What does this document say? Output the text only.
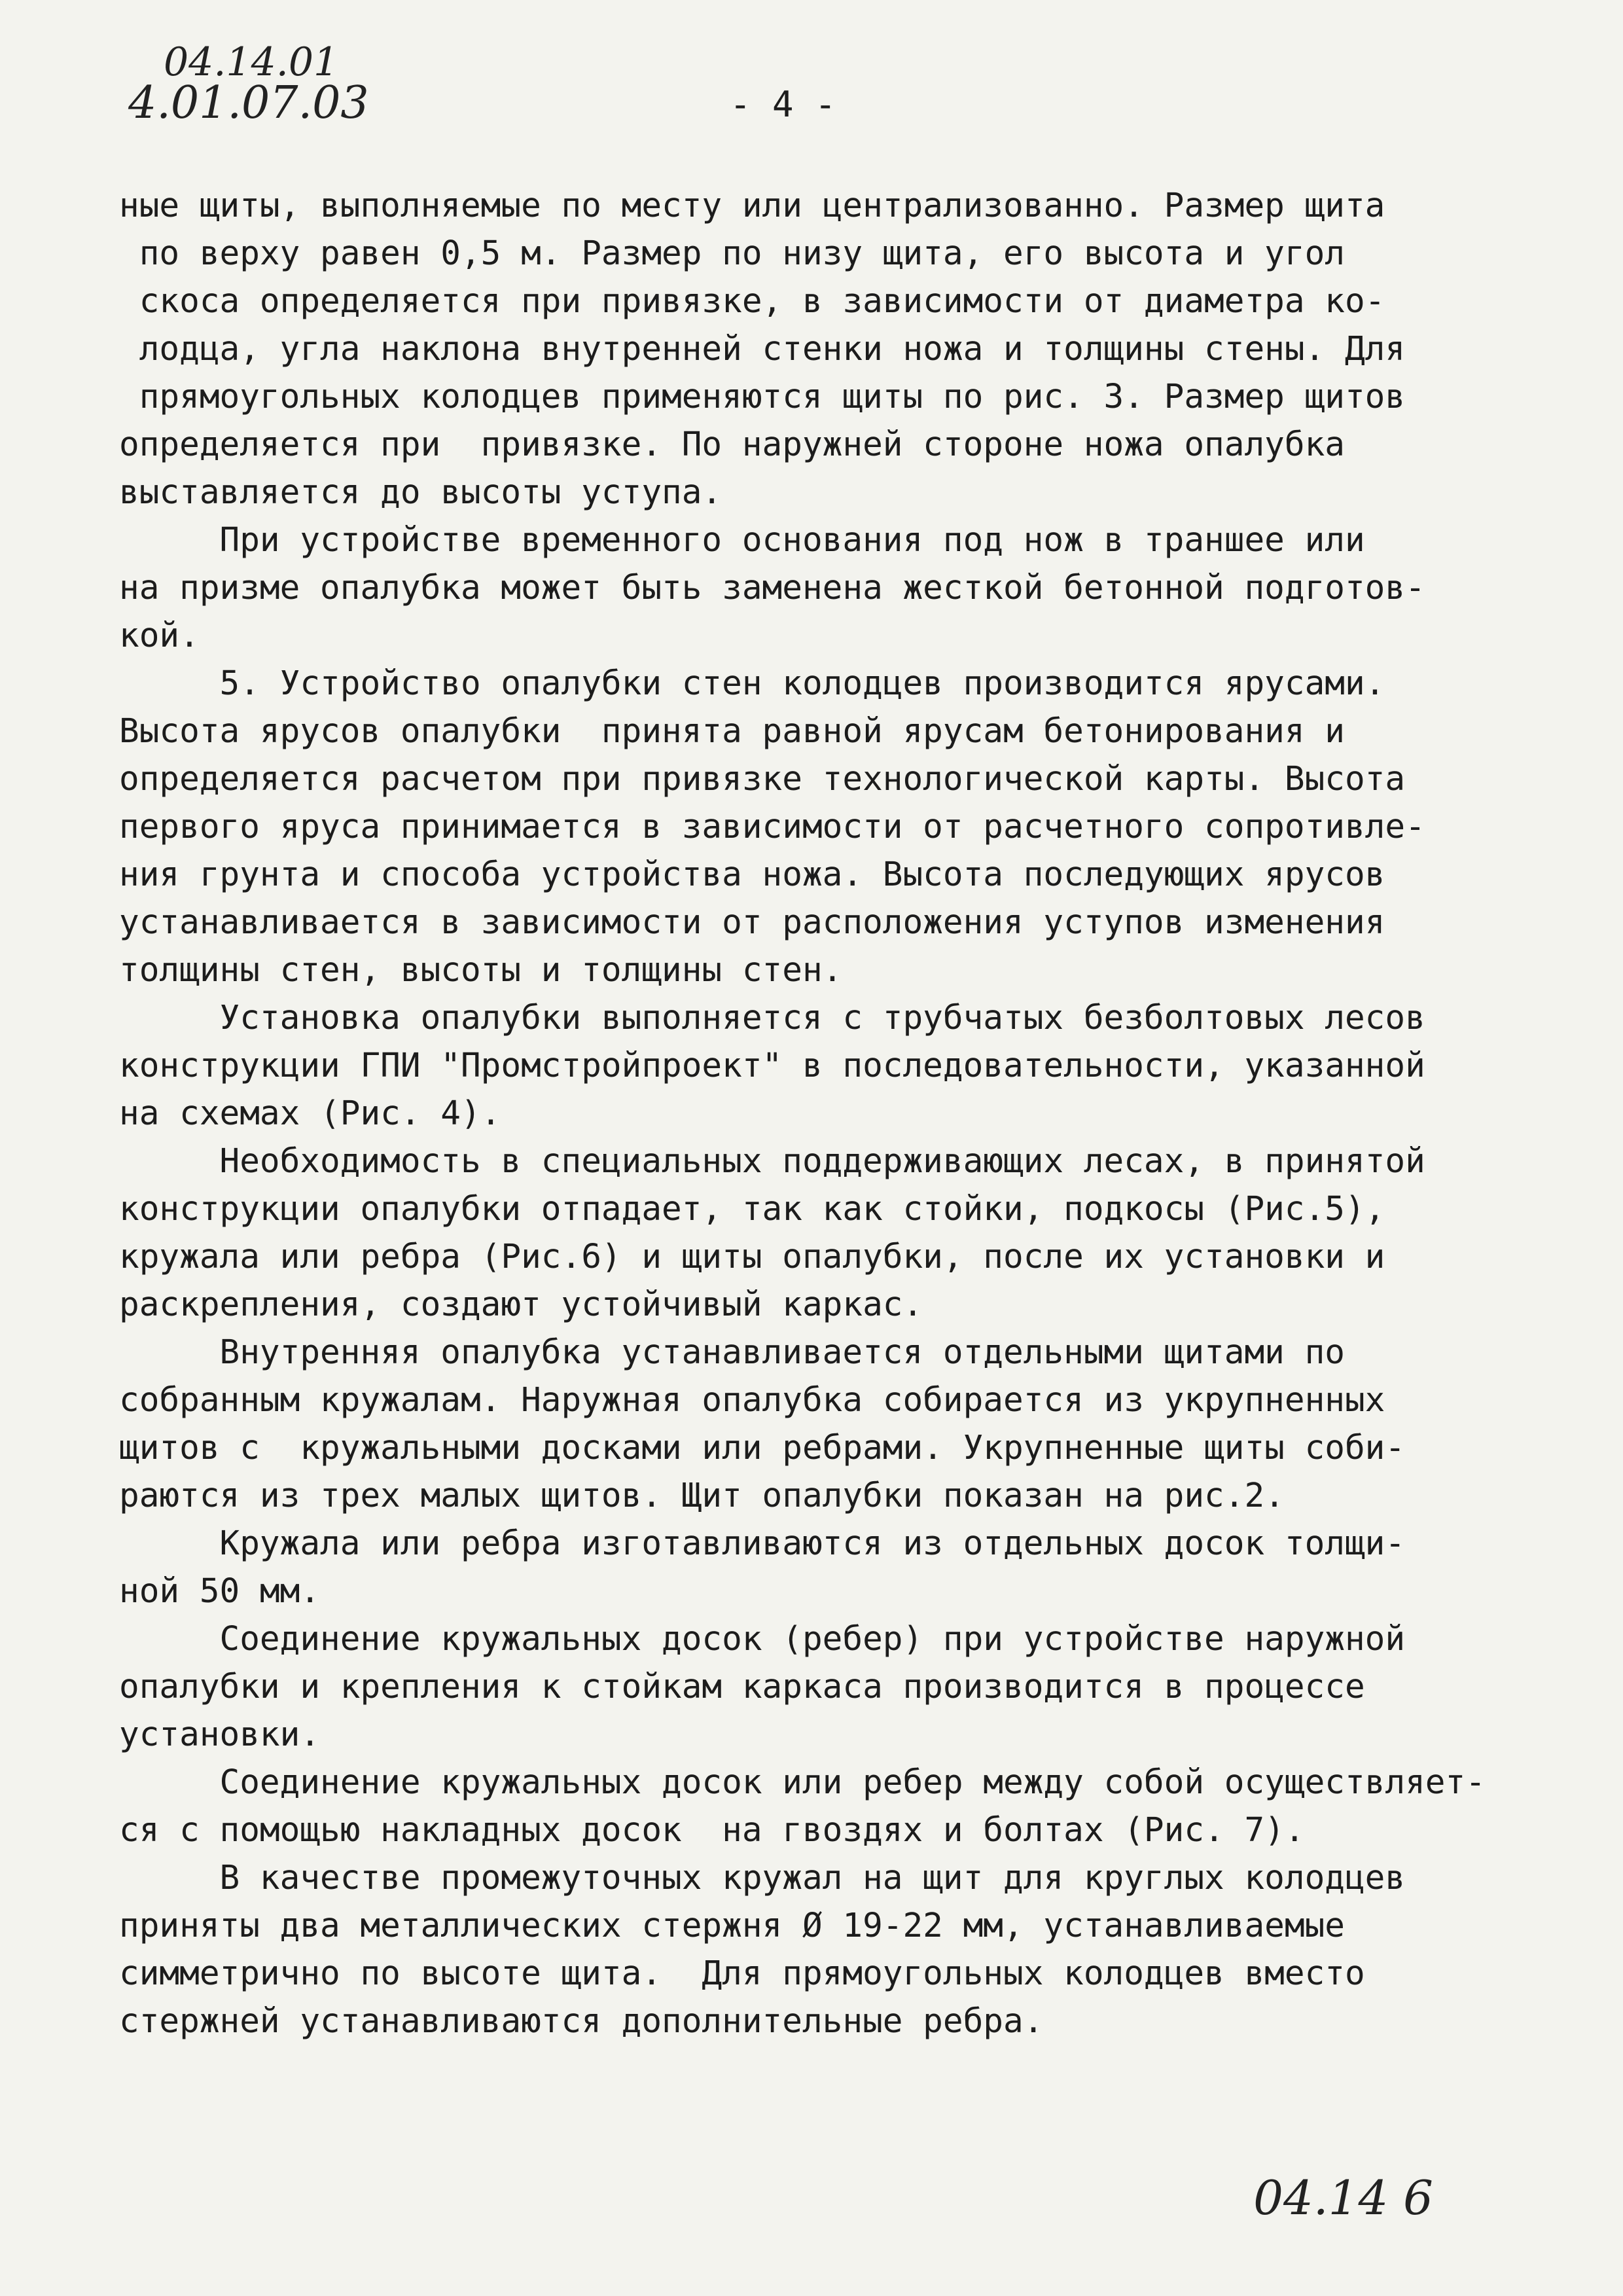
04.14.01
4.01.07.03	- 4 -
ные щиты, выполняемые по месту или централизованно. Размер щита
по верху равен 0,5 м. Размер по низу щита, его высота и угол
скоса определяется при привязке, в зависимости от диаметра ко-
лодца, угла наклона внутренней стенки ножа и толщины стены. Для
прямоугольных колодцев применяются щиты по рис. 3. Размер щитов
определяется при  привязке. По наружней стороне ножа опалубка
выставляется до высоты уступа.
При устройстве временного основания под нож в траншее или
на призме опалубка может быть заменена жесткой бетонной подготов-
кой.
5. Устройство опалубки стен колодцев производится ярусами.
Высота ярусов опалубки  принята равной ярусам бетонирования и
определяется расчетом при привязке технологической карты. Высота
первого яруса принимается в зависимости от расчетного сопротивле-
ния грунта и способа устройства ножа. Высота последующих ярусов
устанавливается в зависимости от расположения уступов изменения
толщины стен, высоты и толщины стен.
Установка опалубки выполняется с трубчатых безболтовых лесов
конструкции ГПИ "Промстройпроект" в последовательности, указанной
на схемах (Рис. 4).
Необходимость в специальных поддерживающих лесах, в принятой
конструкции опалубки отпадает, так как стойки, подкосы (Рис.5),
кружала или ребра (Рис.6) и щиты опалубки, после их установки и
раскрепления, создают устойчивый каркас.
Внутренняя опалубка устанавливается отдельными щитами по
собранным кружалам. Наружная опалубка собирается из укрупненных
щитов с  кружальными досками или ребрами. Укрупненные щиты соби-
раются из трех малых щитов. Щит опалубки показан на рис.2.
Кружала или ребра изготавливаются из отдельных досок толщи-
ной 50 мм.
Соединение кружальных досок (ребер) при устройстве наружной
опалубки и крепления к стойкам каркаса производится в процессе
установки.
Соединение кружальных досок или ребер между собой осуществляет-
ся с помощью накладных досок  на гвоздях и болтах (Рис. 7).
В качестве промежуточных кружал на щит для круглых колодцев
приняты два металлических стержня Ø 19-22 мм, устанавливаемые
симметрично по высоте щита.  Для прямоугольных колодцев вместо
стержней устанавливаются дополнительные ребра.
04.14 6
